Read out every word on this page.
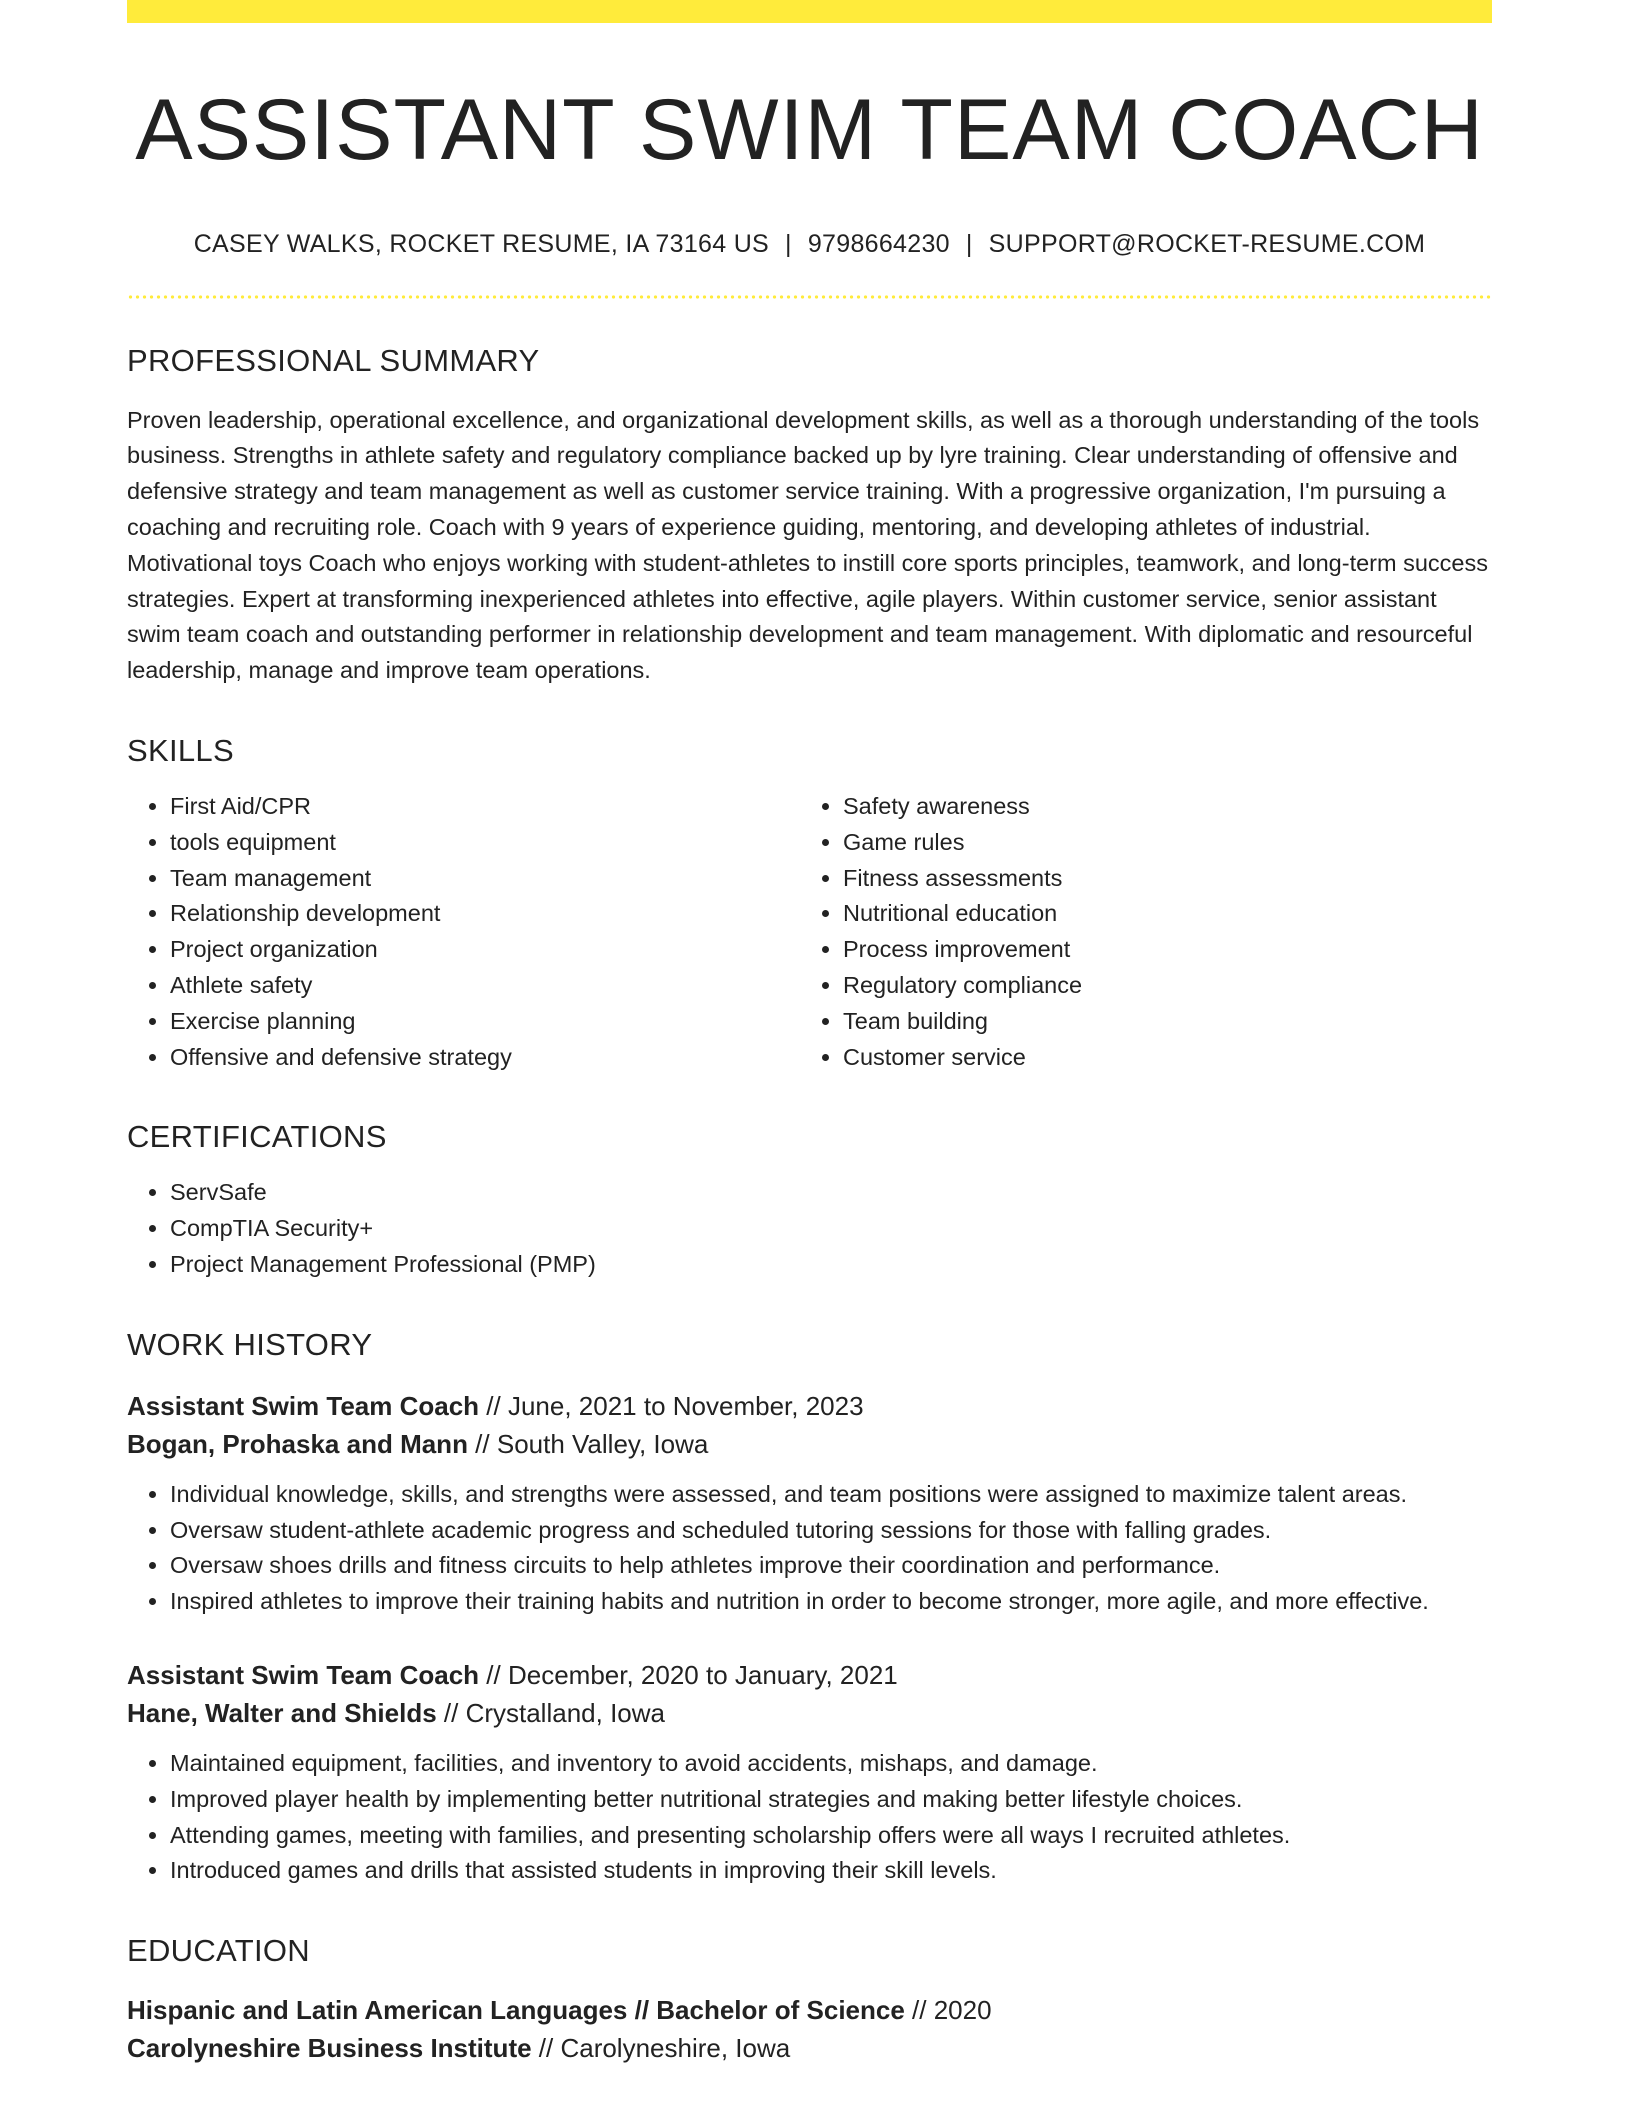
ASSISTANT SWIM TEAM COACH
CASEY WALKS, ROCKET RESUME, IA 73164 US | 9798664230 | SUPPORT@ROCKET-RESUME.COM
PROFESSIONAL SUMMARY
Proven leadership, operational excellence, and organizational development skills, as well as a thorough understanding of the tools business. Strengths in athlete safety and regulatory compliance backed up by lyre training. Clear understanding of offensive and defensive strategy and team management as well as customer service training. With a progressive organization, I'm pursuing a coaching and recruiting role. Coach with 9 years of experience guiding, mentoring, and developing athletes of industrial. Motivational toys Coach who enjoys working with student-athletes to instill core sports principles, teamwork, and long-term success strategies. Expert at transforming inexperienced athletes into effective, agile players. Within customer service, senior assistant swim team coach and outstanding performer in relationship development and team management. With diplomatic and resourceful leadership, manage and improve team operations.
SKILLS
• First Aid/CPR
• tools equipment
• Team management
• Relationship development
• Project organization
• Athlete safety
• Exercise planning
• Offensive and defensive strategy
• Safety awareness
• Game rules
• Fitness assessments
• Nutritional education
• Process improvement
• Regulatory compliance
• Team building
• Customer service
CERTIFICATIONS
• ServSafe
• CompTIA Security+
• Project Management Professional (PMP)
WORK HISTORY
Assistant Swim Team Coach // June, 2021 to November, 2023
Bogan, Prohaska and Mann // South Valley, Iowa
• Individual knowledge, skills, and strengths were assessed, and team positions were assigned to maximize talent areas.
• Oversaw student-athlete academic progress and scheduled tutoring sessions for those with falling grades.
• Oversaw shoes drills and fitness circuits to help athletes improve their coordination and performance.
• Inspired athletes to improve their training habits and nutrition in order to become stronger, more agile, and more effective.
Assistant Swim Team Coach // December, 2020 to January, 2021
Hane, Walter and Shields // Crystalland, Iowa
• Maintained equipment, facilities, and inventory to avoid accidents, mishaps, and damage.
• Improved player health by implementing better nutritional strategies and making better lifestyle choices.
• Attending games, meeting with families, and presenting scholarship offers were all ways I recruited athletes.
• Introduced games and drills that assisted students in improving their skill levels.
EDUCATION
Hispanic and Latin American Languages // Bachelor of Science // 2020
Carolyneshire Business Institute // Carolyneshire, Iowa
